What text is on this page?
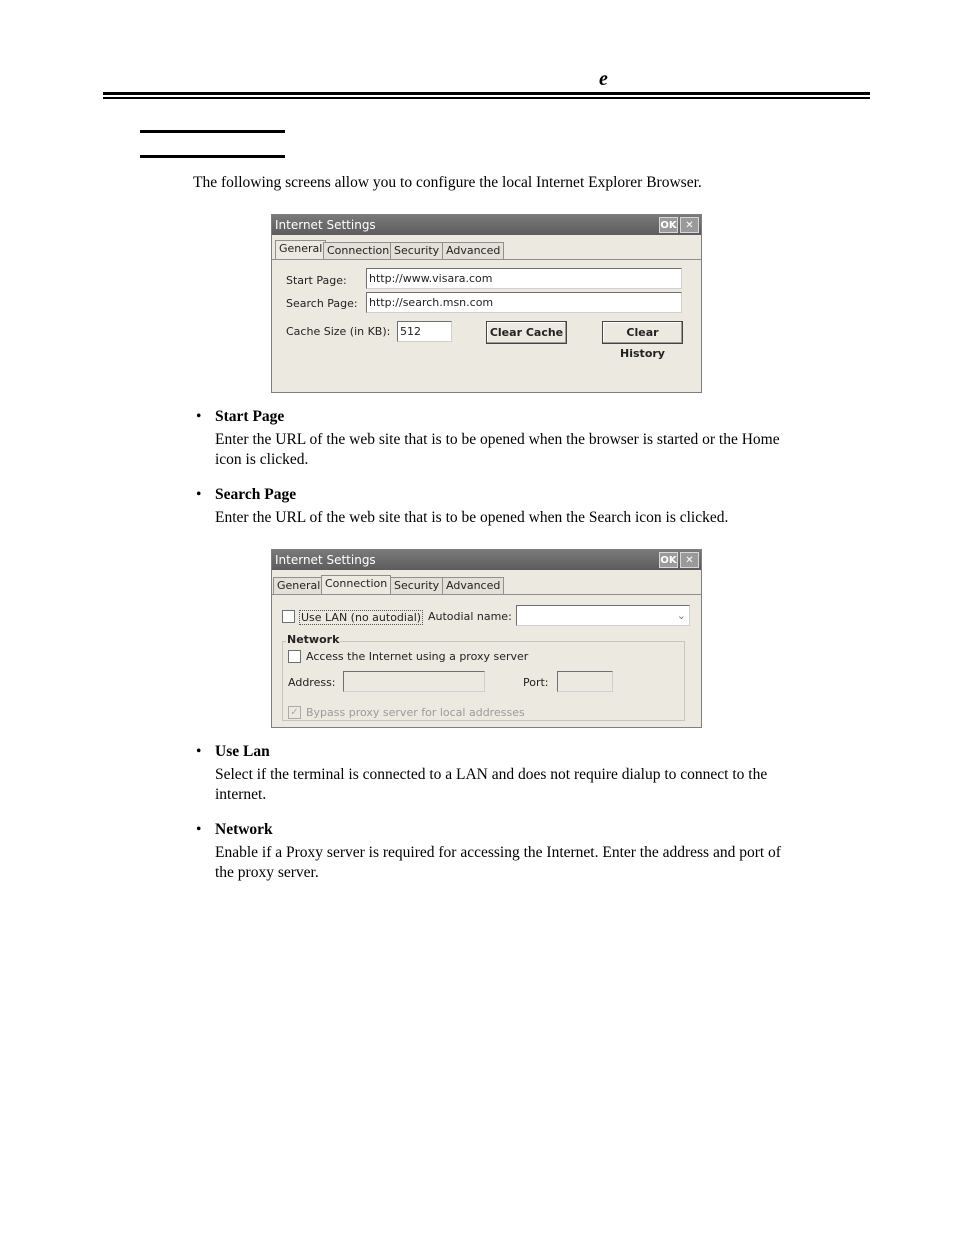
e
The following screens allow you to configure the local Internet Explorer Browser.
Internet Settings	OK ✕
General Connection Security Advanced
Start Page: http://www.visara.com
Search Page: http://search.msn.com
Cache Size (in KB): 512	Clear Cache	Clear History
• Start Page
Enter the URL of the web site that is to be opened when the browser is started or the Home icon is clicked.
• Search Page
Enter the URL of the web site that is to be opened when the Search icon is clicked.
Internet Settings	OK ✕
General Connection Security Advanced
Use LAN (no autodial) Autodial name:	⌄
Network
Access the Internet using a proxy server
Address:	Port:
✓ Bypass proxy server for local addresses
• Use Lan
Select if the terminal is connected to a LAN and does not require dialup to connect to the internet.
• Network
Enable if a Proxy server is required for accessing the Internet. Enter the address and port of the proxy server.
